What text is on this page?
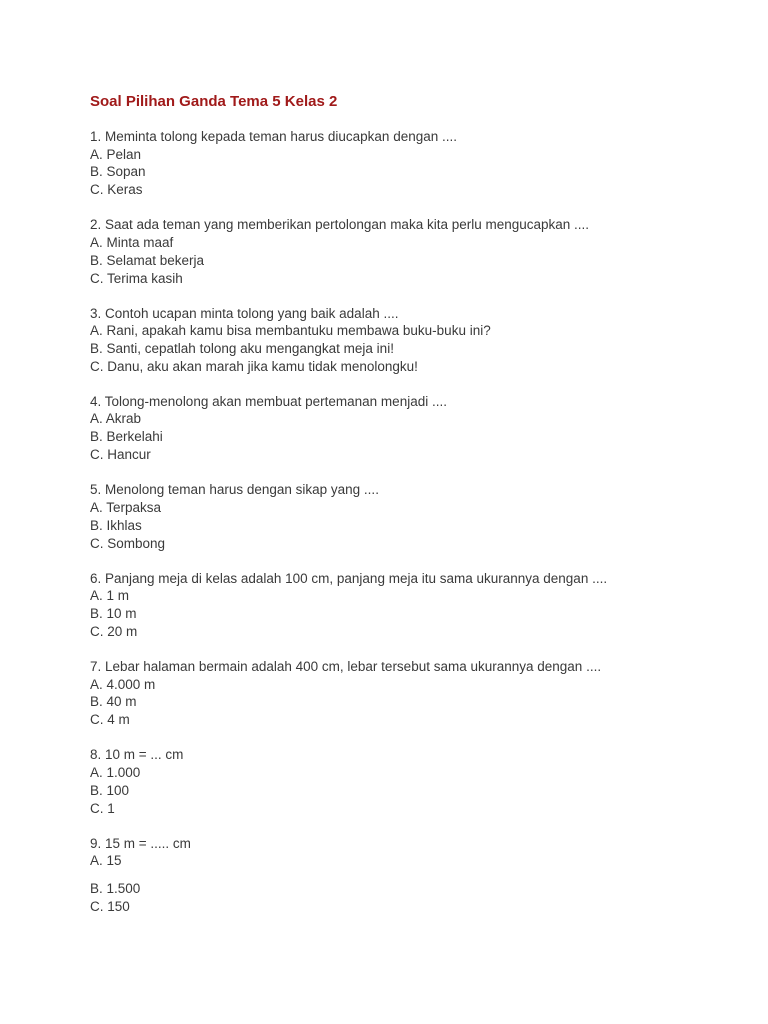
Soal Pilihan Ganda Tema 5 Kelas 2

1. Meminta tolong kepada teman harus diucapkan dengan ....

A. Pelan

B. Sopan

C. Keras

2. Saat ada teman yang memberikan pertolongan maka kita perlu mengucapkan ....

A. Minta maaf

B. Selamat bekerja

C. Terima kasih

3. Contoh ucapan minta tolong yang baik adalah ....

A. Rani, apakah kamu bisa membantuku membawa buku-buku ini?

B. Santi, cepatlah tolong aku mengangkat meja ini!

C. Danu, aku akan marah jika kamu tidak menolongku!

4. Tolong-menolong akan membuat pertemanan menjadi ....

A. Akrab

B. Berkelahi

C. Hancur

5. Menolong teman harus dengan sikap yang ....

A. Terpaksa

B. Ikhlas

C. Sombong

6. Panjang meja di kelas adalah 100 cm, panjang meja itu sama ukurannya dengan ....

A. 1 m

B. 10 m

C. 20 m

7. Lebar halaman bermain adalah 400 cm, lebar tersebut sama ukurannya dengan ....

A. 4.000 m

B. 40 m

C. 4 m

8. 10 m = ... cm

A. 1.000

B. 100

C. 1

9. 15 m = ..... cm

A. 15

B. 1.500

C. 150
